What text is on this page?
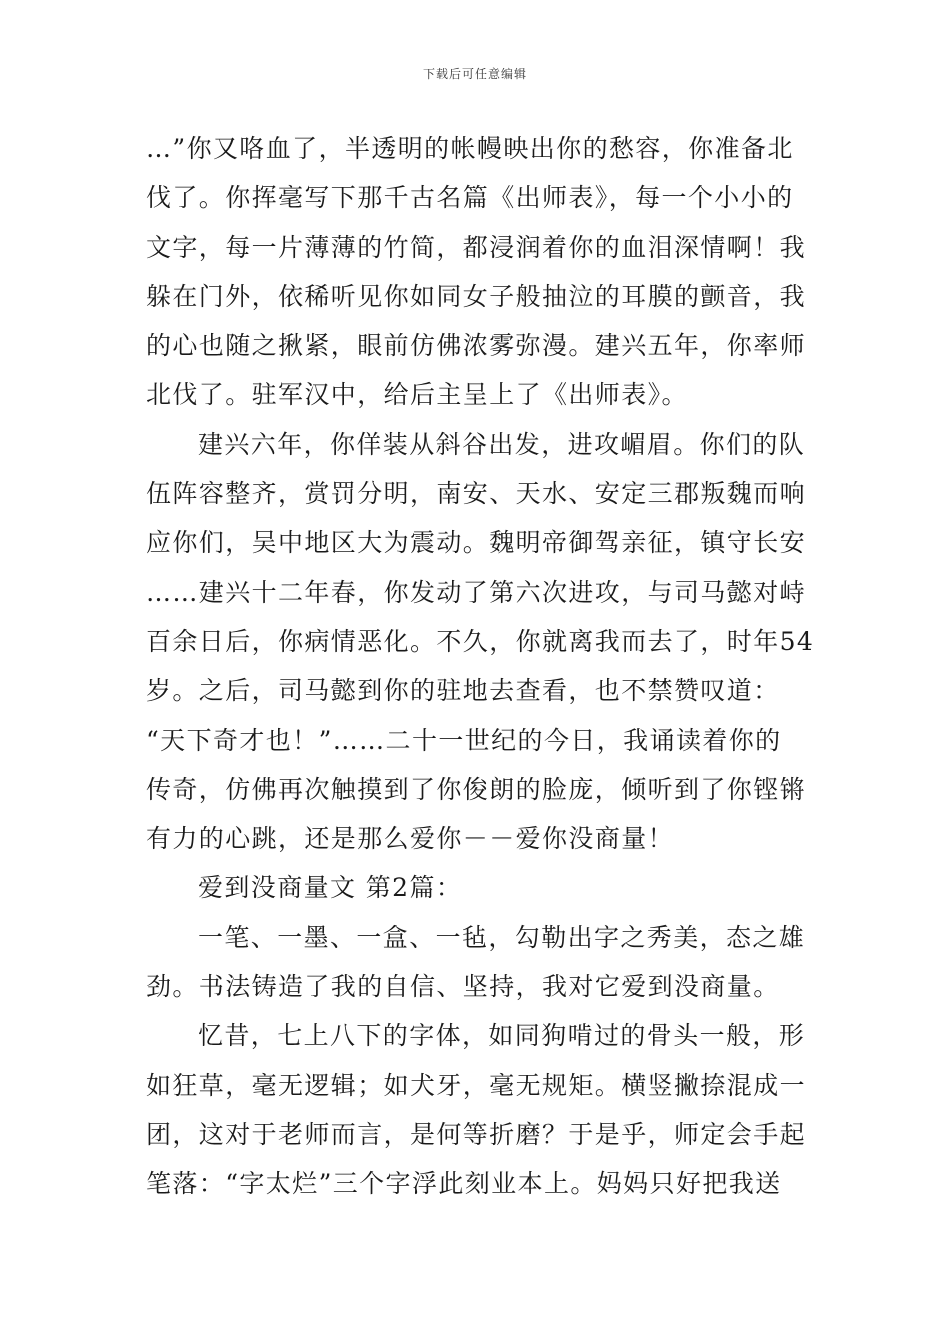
下载后可任意编辑
…”你又咯血了，半透明的帐幔映出你的愁容，你准备北
伐了。你挥毫写下那千古名篇《出师表》，每一个小小的
文字，每一片薄薄的竹简，都浸润着你的血泪深情啊！我
躲在门外，依稀听见你如同女子般抽泣的耳膜的颤音，我
的心也随之揪紧，眼前仿佛浓雾弥漫。建兴五年，你率师
北伐了。驻军汉中，给后主呈上了《出师表》。
建兴六年，你佯装从斜谷出发，进攻嵋眉。你们的队
伍阵容整齐，赏罚分明，南安、天水、安定三郡叛魏而响
应你们，吴中地区大为震动。魏明帝御驾亲征，镇守长安
……建兴十二年春，你发动了第六次进攻，与司马懿对峙
百余日后，你病情恶化。不久，你就离我而去了，时年54
岁。之后，司马懿到你的驻地去查看，也不禁赞叹道：
“天下奇才也！”……二十一世纪的今日，我诵读着你的
传奇，仿佛再次触摸到了你俊朗的脸庞，倾听到了你铿锵
有力的心跳，还是那么爱你－－爱你没商量！
爱到没商量文 第2篇：
一笔、一墨、一盒、一毡，勾勒出字之秀美，态之雄
劲。书法铸造了我的自信、坚持，我对它爱到没商量。
忆昔，七上八下的字体，如同狗啃过的骨头一般，形
如狂草，毫无逻辑；如犬牙，毫无规矩。横竖撇捺混成一
团，这对于老师而言，是何等折磨？于是乎，师定会手起
笔落：“字太烂”三个字浮此刻业本上。妈妈只好把我送
